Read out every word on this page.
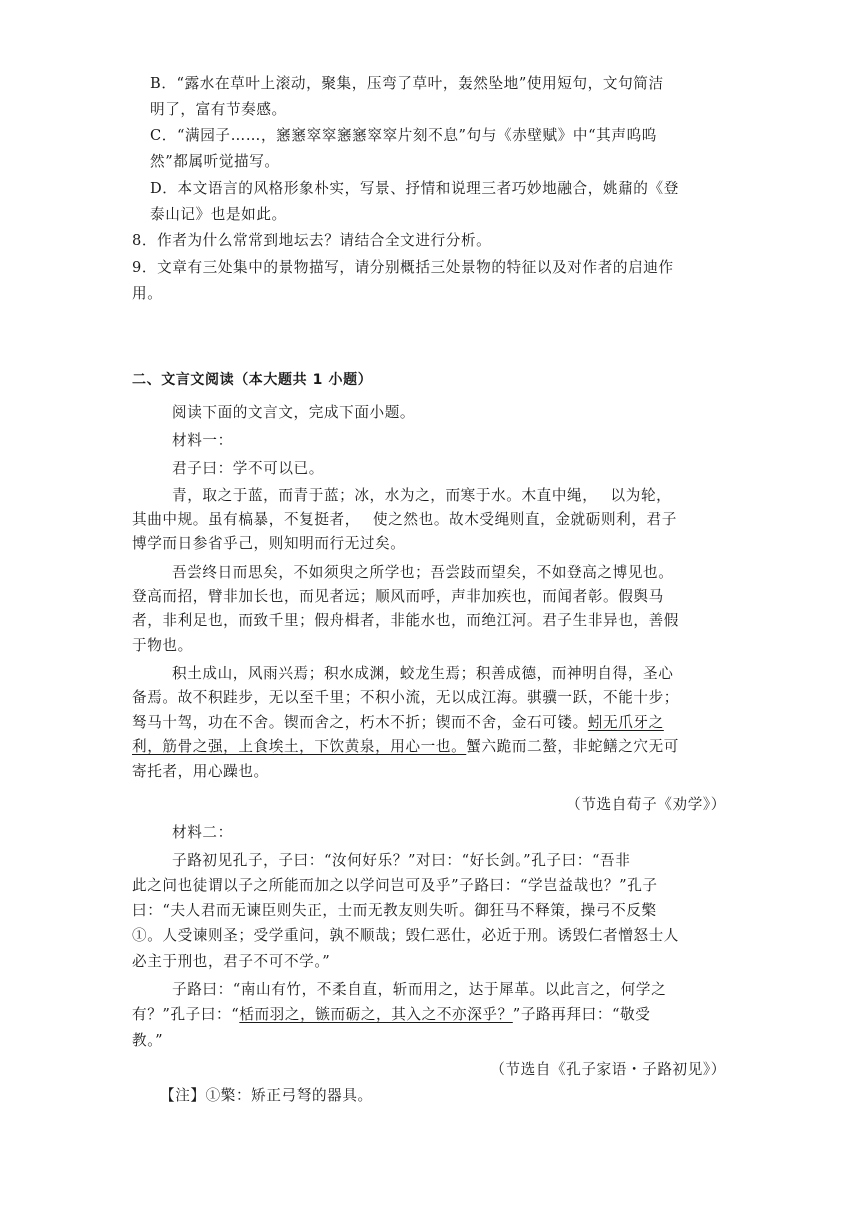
B．“露水在草叶上滚动，聚集，压弯了草叶，轰然坠地”使用短句，文句简洁
明了，富有节奏感。
C．“满园子……，窸窸窣窣窸窸窣窣片刻不息”句与《赤壁赋》中“其声呜呜
然”都属听觉描写。
D．本文语言的风格形象朴实，写景、抒情和说理三者巧妙地融合，姚鼐的《登
泰山记》也是如此。
8．作者为什么常常到地坛去？请结合全文进行分析。
9．文章有三处集中的景物描写，请分别概括三处景物的特征以及对作者的启迪作
用。
二、文言文阅读（本大题共 1 小题）
阅读下面的文言文，完成下面小题。
材料一：
君子曰：学不可以已。
青，取之于蓝，而青于蓝；冰，水为之，而寒于水。木直中绳，　 以为轮，
其曲中规。虽有槁暴，不复挺者，　 使之然也。故木受绳则直，金就砺则利，君子
博学而日参省乎己，则知明而行无过矣。
吾尝终日而思矣，不如须臾之所学也；吾尝跂而望矣，不如登高之博见也。
登高而招，臂非加长也，而见者远；顺风而呼，声非加疾也，而闻者彰。假舆马
者，非利足也，而致千里；假舟楫者，非能水也，而绝江河。君子生非异也，善假
于物也。
积土成山，风雨兴焉；积水成渊，蛟龙生焉；积善成德，而神明自得，圣心
备焉。故不积跬步，无以至千里；不积小流，无以成江海。骐骥一跃，不能十步；
驽马十驾，功在不舍。锲而舍之，朽木不折；锲而不舍，金石可镂。蚓无爪牙之
利，筋骨之强，上食埃土，下饮黄泉，用心一也。蟹六跪而二螯，非蛇鳝之穴无可
寄托者，用心躁也。
（节选自荀子《劝学》）
材料二：
子路初见孔子，子曰：“汝何好乐？”对曰：“好长剑。”孔子曰：“吾非
此之问也徒谓以子之所能而加之以学问岂可及乎”子路曰：“学岂益哉也？”孔子
曰：“夫人君而无谏臣则失正，士而无教友则失听。御狂马不释策，操弓不反檠
①。人受谏则圣；受学重问，孰不顺哉；毁仁恶仕，必近于刑。诱毁仁者憎怒士人
必主于刑也，君子不可不学。”
子路曰：“南山有竹，不柔自直，斩而用之，达于犀革。以此言之，何学之
有？”孔子曰：“栝而羽之，镞而砺之，其入之不亦深乎？”子路再拜曰：“敬受
教。”
（节选自《孔子家语・子路初见》）
【注】①檠：矫正弓弩的器具。
